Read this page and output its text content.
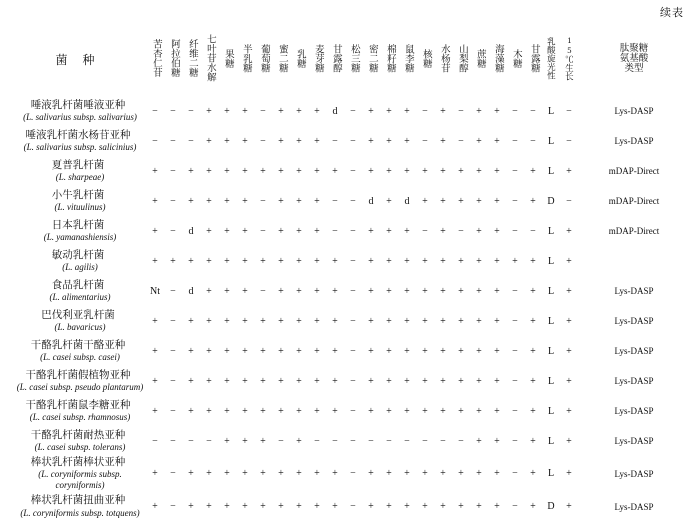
续表
菌 种	苦杏仁苷	阿拉伯糖	纤维二糖	七叶苷水解	果糖	半乳糖	葡萄糖	蜜二糖	乳糖	麦芽糖	甘露醇	松三糖	密二糖	棉籽糖	鼠李糖	核糖	水杨苷	山梨醇	蔗糖	海藻糖	木糖	甘露糖	乳酸旋光性	15℃生长	肽聚糖
氨基酸
类型

唾液乳杆菌唾液亚种
(L. salivarius subsp. salivarius)	−	−	−	+	+	+	−	+	+	+	d	−	+	+	+	−	+	−	+	+	−	−	L	−	Lys-DASP

唾液乳杆菌水杨苷亚种
(L. salivarius subsp. salicinius)	−	−	−	+	+	+	−	+	+	+	−	−	+	+	+	−	+	−	+	+	−	−	L	−	Lys-DASP

夏普乳杆菌
(L. sharpeae)	+	−	+	+	+	+	+	+	+	+	+	−	+	+	+	+	+	+	+	+	−	+	L	+	mDAP-Direct

小牛乳杆菌
(L. vituulinus)	+	−	+	+	+	+	−	+	+	+	−	−	d	+	d	+	+	+	+	+	−	+	D	−	mDAP-Direct

日本乳杆菌
(L. yamanashiensis)	+	−	d	+	+	+	−	+	+	+	−	−	+	+	+	−	+	−	+	+	−	−	L	+	mDAP-Direct

敏动乳杆菌
(L. agilis)	+	+	+	+	+	+	+	+	+	+	+	−	+	+	+	+	+	+	+	+	+	+	L	+	

食品乳杆菌
(L. alimentarius)	Nt	−	d	+	+	+	−	+	+	+	+	−	+	+	+	+	+	+	+	+	−	+	L	+	Lys-DASP

巴伐利亚乳杆菌
(L. bavaricus)	+	−	+	+	+	+	+	+	+	+	+	−	+	+	+	+	+	+	+	+	−	+	L	+	Lys-DASP

干酪乳杆菌干酪亚种
(L. casei subsp. casei)	+	−	+	+	+	+	+	+	+	+	+	−	+	+	+	+	+	+	+	+	−	+	L	+	Lys-DASP

干酪乳杆菌假植物亚种
(L. casei subsp. pseudo plantarum)	+	−	+	+	+	+	+	+	+	+	+	−	+	+	+	+	+	+	+	+	−	+	L	+	Lys-DASP

干酪乳杆菌鼠李糖亚种
(L. casei subsp. rhamnosus)	+	−	+	+	+	+	+	+	+	+	+	−	+	+	+	+	+	+	+	+	−	+	L	+	Lys-DASP

干酪乳杆菌耐热亚种
(L. casei subsp. tolerans)	−	−	−	−	+	+	+	−	+	−	−	−	−	−	−	−	−	−	+	+	−	+	L	+	Lys-DASP

棒状乳杆菌棒状亚种
(L. coryniformis subsp. coryniformis)	+	−	+	+	+	+	+	+	+	+	+	−	+	+	+	+	+	+	+	+	−	+	L	+	Lys-DASP

棒状乳杆菌扭曲亚种
(L. coryniformis subsp. totquens)	+	−	+	+	+	+	+	+	+	+	+	−	+	+	+	+	+	+	+	+	−	+	D	+	Lys-DASP
